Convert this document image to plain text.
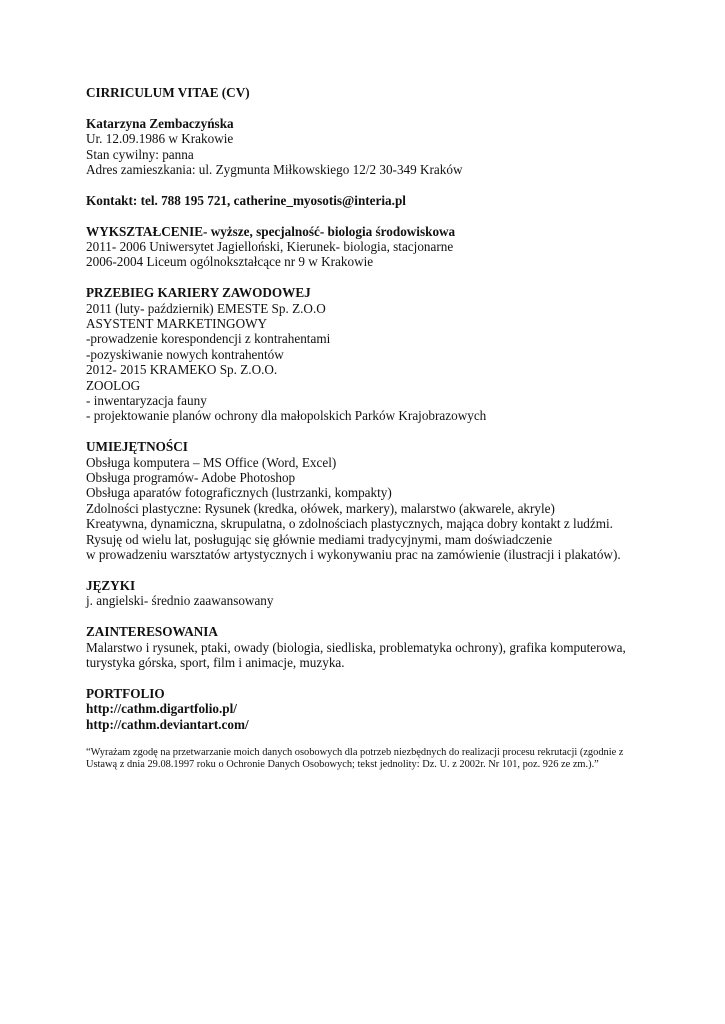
CIRRICULUM VITAE (CV)
Katarzyna Zembaczyńska
Ur. 12.09.1986 w Krakowie
Stan cywilny: panna
Adres zamieszkania: ul. Zygmunta Miłkowskiego 12/2 30-349 Kraków
Kontakt: tel. 788 195 721, catherine_myosotis@interia.pl
WYKSZTAŁCENIE- wyższe, specjalność- biologia środowiskowa
2011- 2006 Uniwersytet Jagielloński, Kierunek- biologia, stacjonarne
2006-2004 Liceum ogólnokształcące nr 9 w Krakowie
PRZEBIEG KARIERY ZAWODOWEJ
2011 (luty- październik) EMESTE Sp. Z.O.O
ASYSTENT MARKETINGOWY
-prowadzenie korespondencji z kontrahentami
-pozyskiwanie nowych kontrahentów
2012- 2015 KRAMEKO Sp. Z.O.O.
ZOOLOG
- inwentaryzacja fauny
- projektowanie planów ochrony dla małopolskich Parków Krajobrazowych
UMIEJĘTNOŚCI
Obsługa komputera – MS Office (Word, Excel)
Obsługa programów- Adobe Photoshop
Obsługa aparatów fotograficznych (lustrzanki, kompakty)
Zdolności plastyczne: Rysunek (kredka, ołówek, markery), malarstwo (akwarele, akryle)
Kreatywna, dynamiczna, skrupulatna, o zdolnościach plastycznych, mająca dobry kontakt z ludźmi.
Rysuję od wielu lat, posługując się głównie mediami tradycyjnymi, mam doświadczenie
w prowadzeniu warsztatów artystycznych i wykonywaniu prac na zamówienie (ilustracji i plakatów).
JĘZYKI
j. angielski- średnio zaawansowany
ZAINTERESOWANIA
Malarstwo i rysunek, ptaki, owady (biologia, siedliska, problematyka ochrony), grafika komputerowa,
turystyka górska, sport, film i animacje, muzyka.
PORTFOLIO
http://cathm.digartfolio.pl/
http://cathm.deviantart.com/
“Wyrażam zgodę na przetwarzanie moich danych osobowych dla potrzeb niezbędnych do realizacji procesu rekrutacji (zgodnie z Ustawą z dnia 29.08.1997 roku o Ochronie Danych Osobowych; tekst jednolity: Dz. U. z 2002r. Nr 101, poz. 926 ze zm.).”
